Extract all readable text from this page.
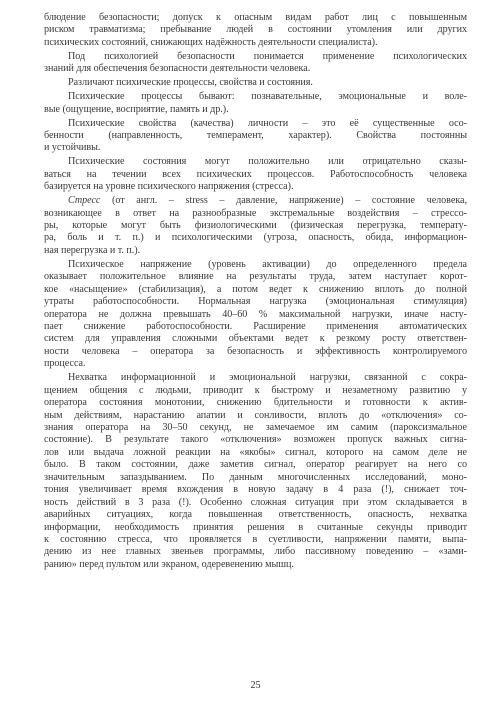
блюдение безопасности; допуск к опасным видам работ лиц с повышенным
риском травматизма; пребывание людей в состоянии утомления или других
психических состояний, снижающих надёжность деятельности специалиста).
Под психологией безопасности понимается применение психологических
знаний для обеспечения безопасности деятельности человека.
Различают психические процессы, свойства и состояния.
Психические процессы бывают: познавательные, эмоциональные и воле-
вые (ощущение, восприятие, память и др.).
Психические свойства (качества) личности – это её существенные осо-
бенности (направленность, темперамент, характер). Свойства постоянны
и устойчивы.
Психические состояния могут положительно или отрицательно сказы-
ваться на течении всех психических процессов. Работоспособность человека
базируется на уровне психического напряжения (стресса).
Стресс (от англ. – stress – давление, напряжение) – состояние человека,
возникающее в ответ на разнообразные экстремальные воздействия – стрессо-
ры, которые могут быть физиологическими (физическая перегрузка, температу-
ра, боль и т. п.) и психологическими (угроза, опасность, обида, информацион-
ная перегрузка и т. п.).
Психическое напряжение (уровень активации) до определенного предела
оказывает положительное влияние на результаты труда, затем наступает корот-
кое «насыщение» (стабилизация), а потом ведет к снижению вплоть до полной
утраты работоспособности. Нормальная нагрузка (эмоциональная стимуляция)
оператора не должна превышать 40–60 % максимальной нагрузки, иначе насту-
пает снижение работоспособности. Расширение применения автоматических
систем для управления сложными объектами ведет к резкому росту ответствен-
ности человека – оператора за безопасность и эффективность контролируемого
процесса.
Нехватка информационной и эмоциональной нагрузки, связанной с сокра-
щением общения с людьми, приводит к быстрому и незаметному развитию у
оператора состояния монотонии, снижению бдительности и готовности к актив-
ным действиям, нарастанию апатии и сонливости, вплоть до «отключения» со-
знания оператора на 30–50 секунд, не замечаемое им самим (пароксизмальное
состояние). В результате такого «отключения» возможен пропуск важных сигна-
лов или выдача ложной реакции на «якобы» сигнал, которого на самом деле не
было. В таком состоянии, даже заметив сигнал, оператор реагирует на него со
значительным запаздыванием. По данным многочисленных исследований, моно-
тония увеличивает время вхождения в новую задачу в 4 раза (!), снижает точ-
ность действий в 3 раза (!). Особенно сложная ситуация при этом складывается в
аварийных ситуациях, когда повышенная ответственность, опасность, нехватка
информации, необходимость принятия решения в считанные секунды приводит
к состоянию стресса, что проявляется в суетливости, напряжении памяти, выпа-
дению из нее главных звеньев программы, либо пассивному поведению – «зами-
ранию» перед пультом или экраном, одеревенению мышц.
25
